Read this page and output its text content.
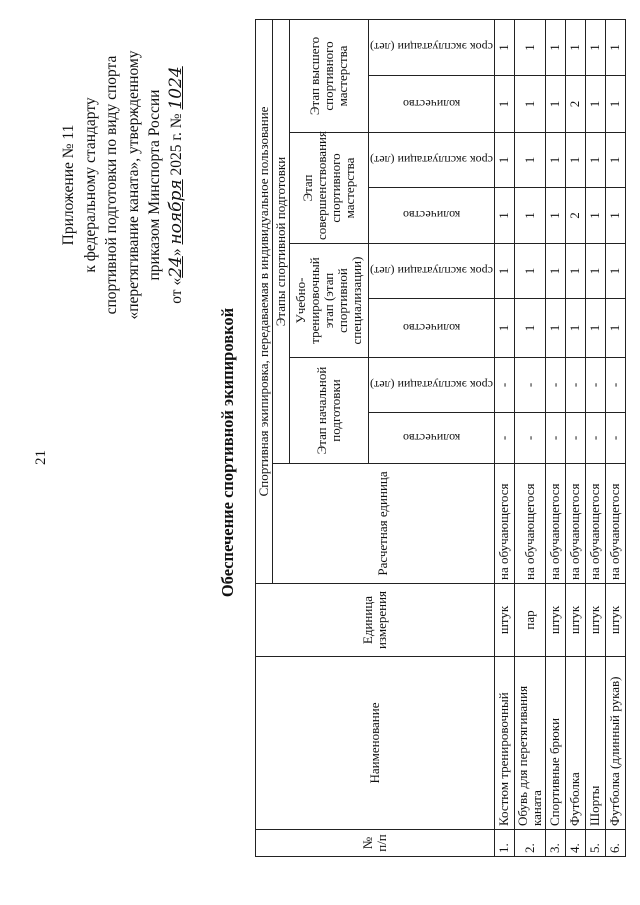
21
Приложение № 11 к федеральному стандарту спортивной подготовки по виду спорта «перетягивание каната», утвержденному приказом Минспорта России
от «24» ноября 2025 г. № 1024
Обеспечение спортивной экипировкой
№ п/п	Наименование	Единица измерения	Спортивная экипировка, передаваемая в индивидуальное пользование								
			Расчетная единица	Этапы спортивной подготовки							
				Этап начальной подготовки		Учебно-тренировочный этап (этап спортивной специализации)		Этап совершенствования спортивного мастерства		Этап высшего спортивного мастерства	

				количество	срок эксплуатации (лет)	количество	срок эксплуатации (лет)	количество	срок эксплуатации (лет)	количество	срок эксплуатации (лет)

1.	Костюм тренировочный	штук	на обучающегося	-	-	1	1	1	1	1	1
2.	Обувь для перетягивания каната	пар	на обучающегося	-	-	1	1	1	1	1	1
3.	Спортивные брюки	штук	на обучающегося	-	-	1	1	1	1	1	1
4.	Футболка	штук	на обучающегося	-	-	1	1	2	1	2	1
5.	Шорты	штук	на обучающегося	-	-	1	1	1	1	1	1
6.	Футболка (длинный рукав)	штук	на обучающегося	-	-	1	1	1	1	1	1
